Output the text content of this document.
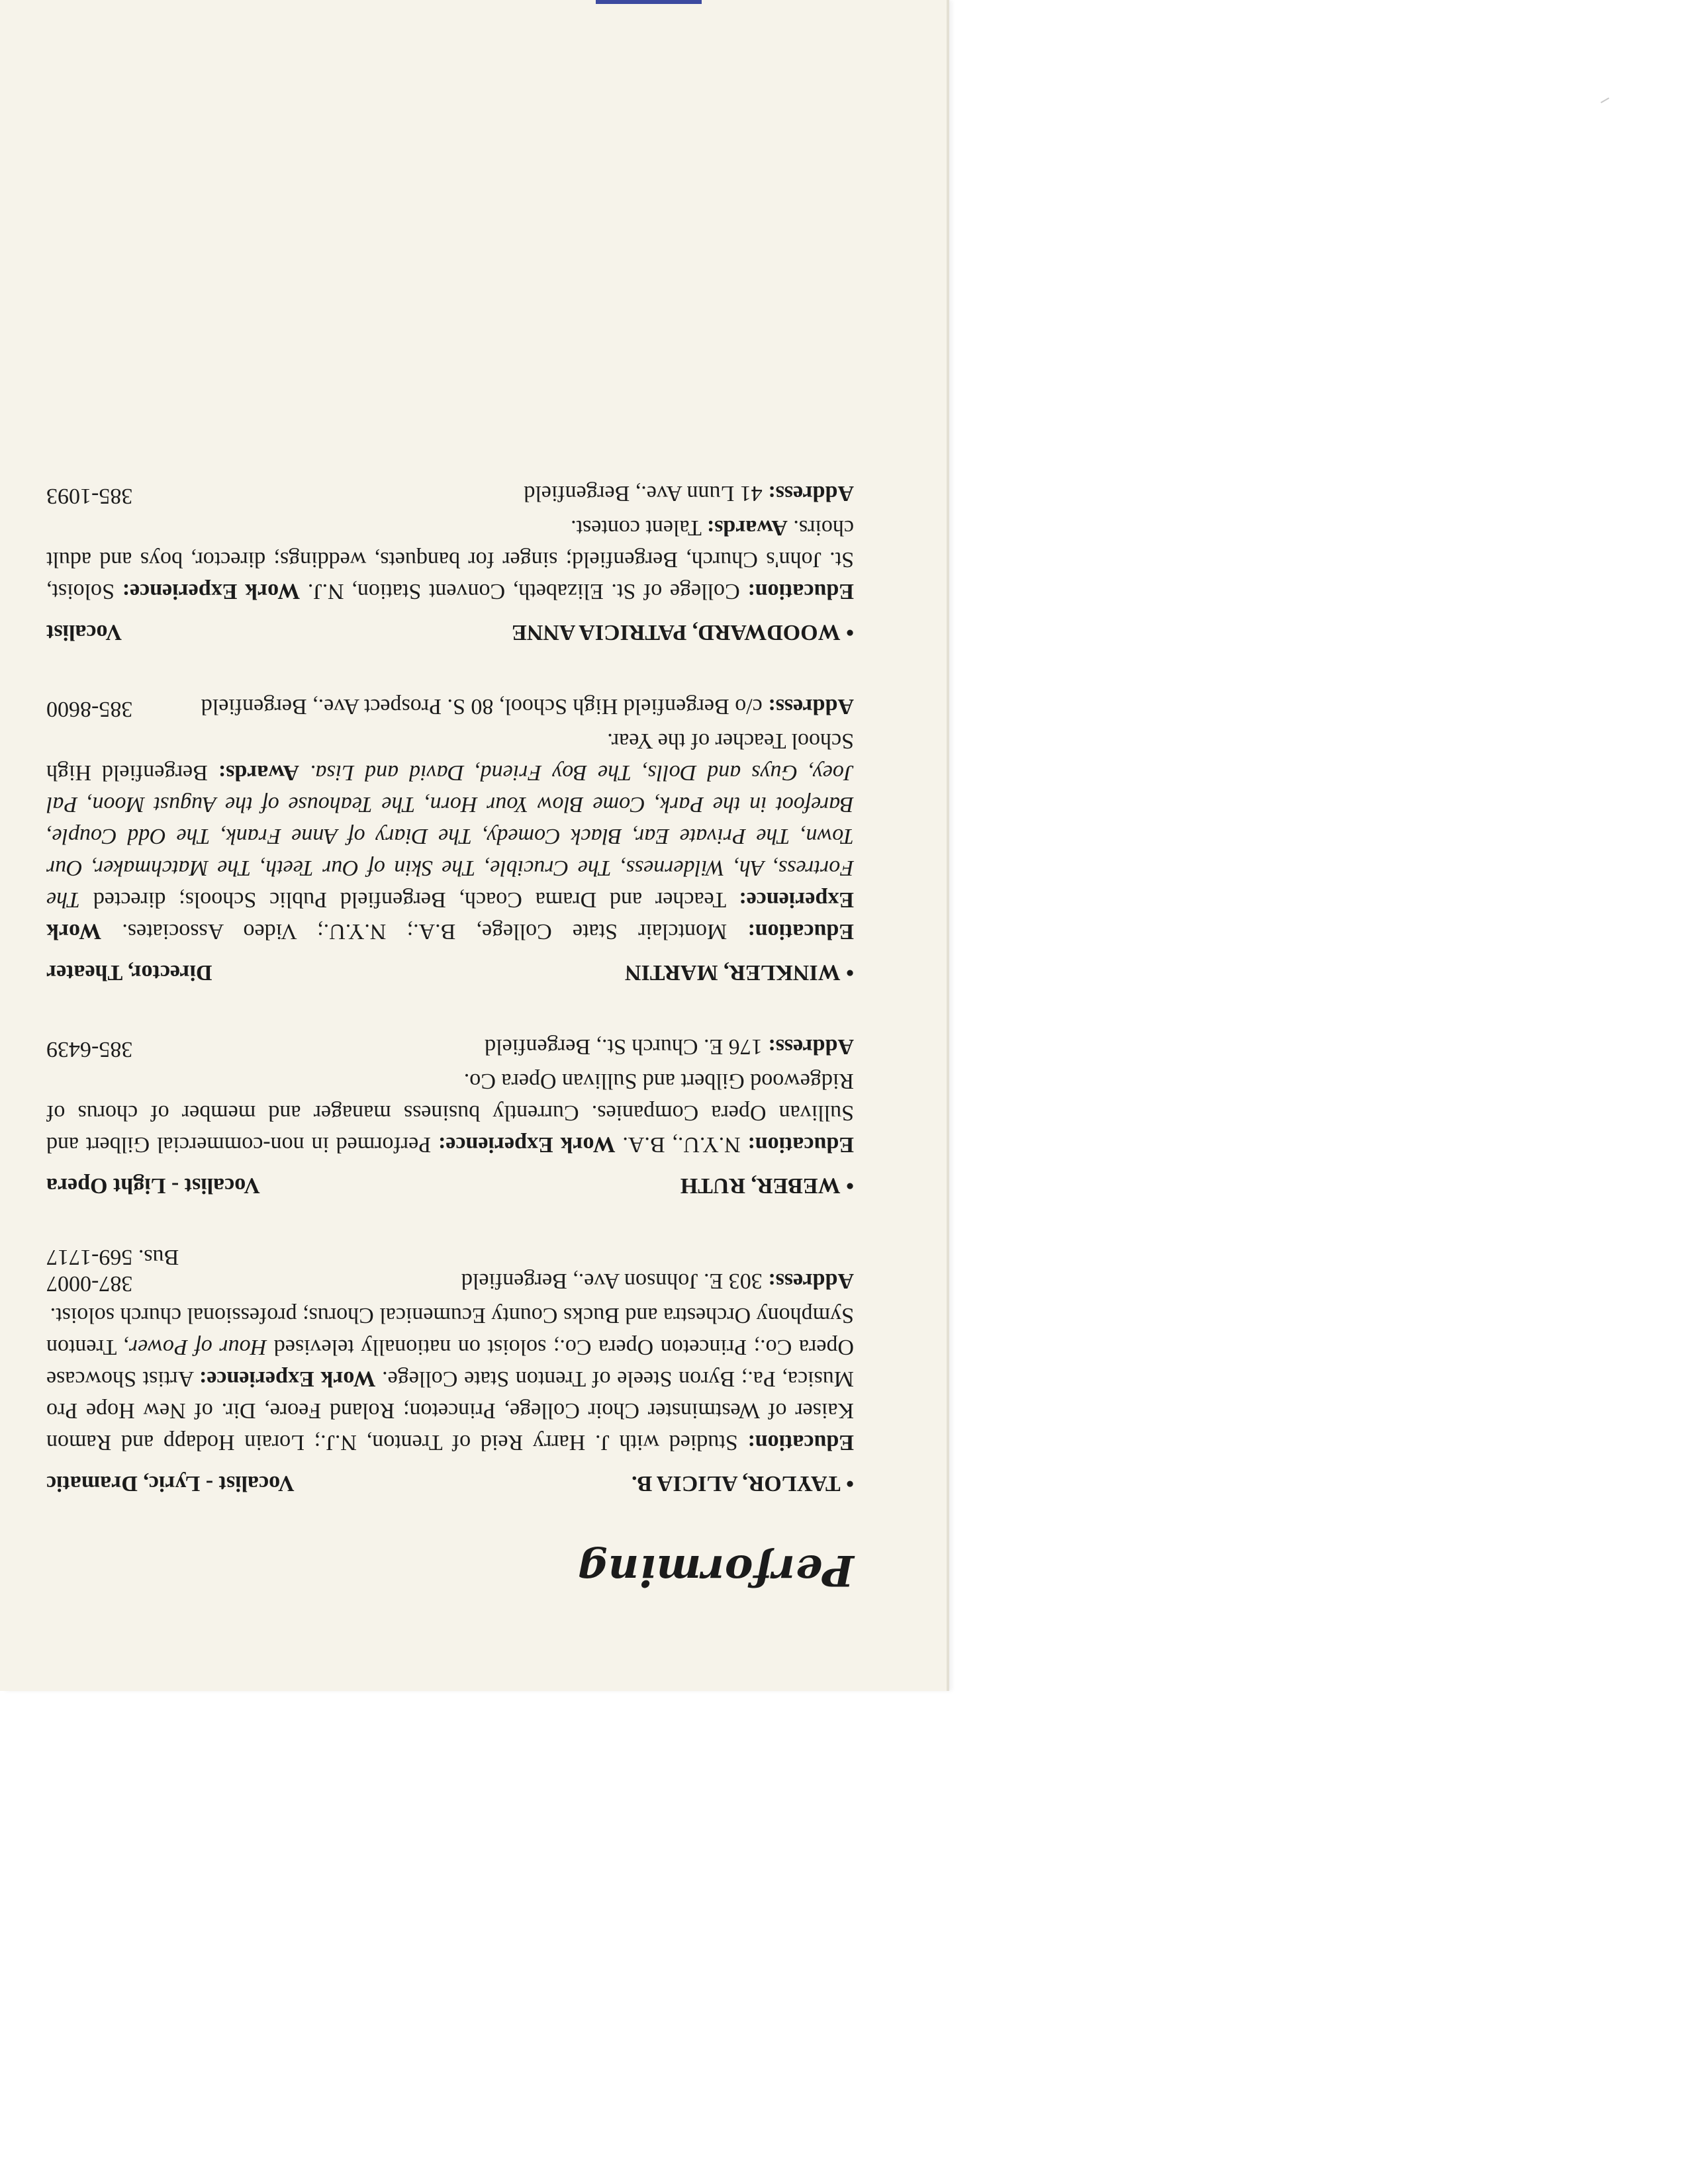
Performing
• TAYLOR, ALICIA B.
Vocalist - Lyric, Dramatic
Education: Studied with J. Harry Reid of Trenton, N.J.; Lorain Hodapp and Ramon Kaiser of Westminster Choir College, Princeton; Roland Feore, Dir. of New Hope Pro Musica, Pa.; Byron Steele of Trenton State College. Work Experience: Artist Showcase Opera Co.; Princeton Opera Co.; soloist on nationally televised Hour of Power, Trenton Symphony Orchestra and Bucks County Ecumenical Chorus; professional church soloist.
Address: 303 E. Johnson Ave., Bergenfield
387-0007
Bus. 569-1717
• WEBER, RUTH
Vocalist - Light Opera
Education: N.Y.U., B.A. Work Experience: Performed in non-commercial Gilbert and Sullivan Opera Companies. Currently business manager and member of chorus of Ridgewood Gilbert and Sullivan Opera Co.
Address: 176 E. Church St., Bergenfield
385-6439
• WINKLER, MARTIN
Director, Theater
Education: Montclair State College, B.A.; N.Y.U.; Video Associates. Work Experience: Teacher and Drama Coach, Bergenfield Public Schools; directed The Fortress, Ah, Wilderness, The Crucible, The Skin of Our Teeth, The Matchmaker, Our Town, The Private Ear, Black Comedy, The Diary of Anne Frank, The Odd Couple, Barefoot in the Park, Come Blow Your Horn, The Teahouse of the August Moon, Pal Joey, Guys and Dolls, The Boy Friend, David and Lisa. Awards: Bergenfield High School Teacher of the Year.
Address: c/o Bergenfield High School, 80 S. Prospect Ave., Bergenfield
385-8600
• WOODWARD, PATRICIA ANNE
Vocalist
Education: College of St. Elizabeth, Convent Station, N.J. Work Experience: Soloist, St. John's Church, Bergenfield; singer for banquets, weddings; director, boys and adult choirs. Awards: Talent contest.
Address: 41 Lunn Ave., Bergenfield
385-1093
